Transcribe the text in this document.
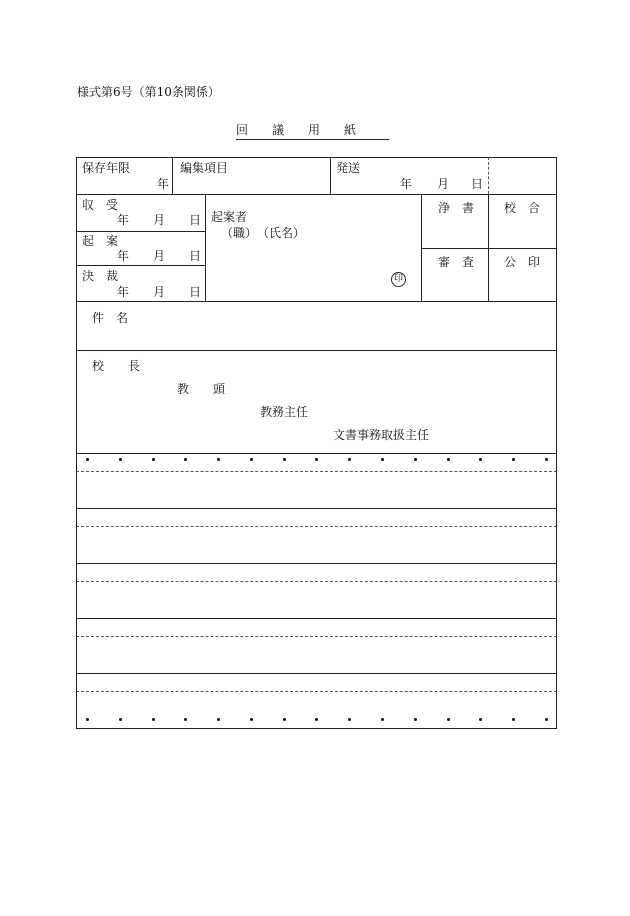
様式第6号（第10条関係）
回　　議　　用　　紙
保存年限
年
編集項目	発送
年 月 日
収　受
年 月 日
起　案
年 月 日
決　裁
年 月 日
起案者
（職） （氏名）
印
浄　書 校　合
審　査 公　印
件　名
校　　長
教　　頭
教務主任
文書事務取扱主任
